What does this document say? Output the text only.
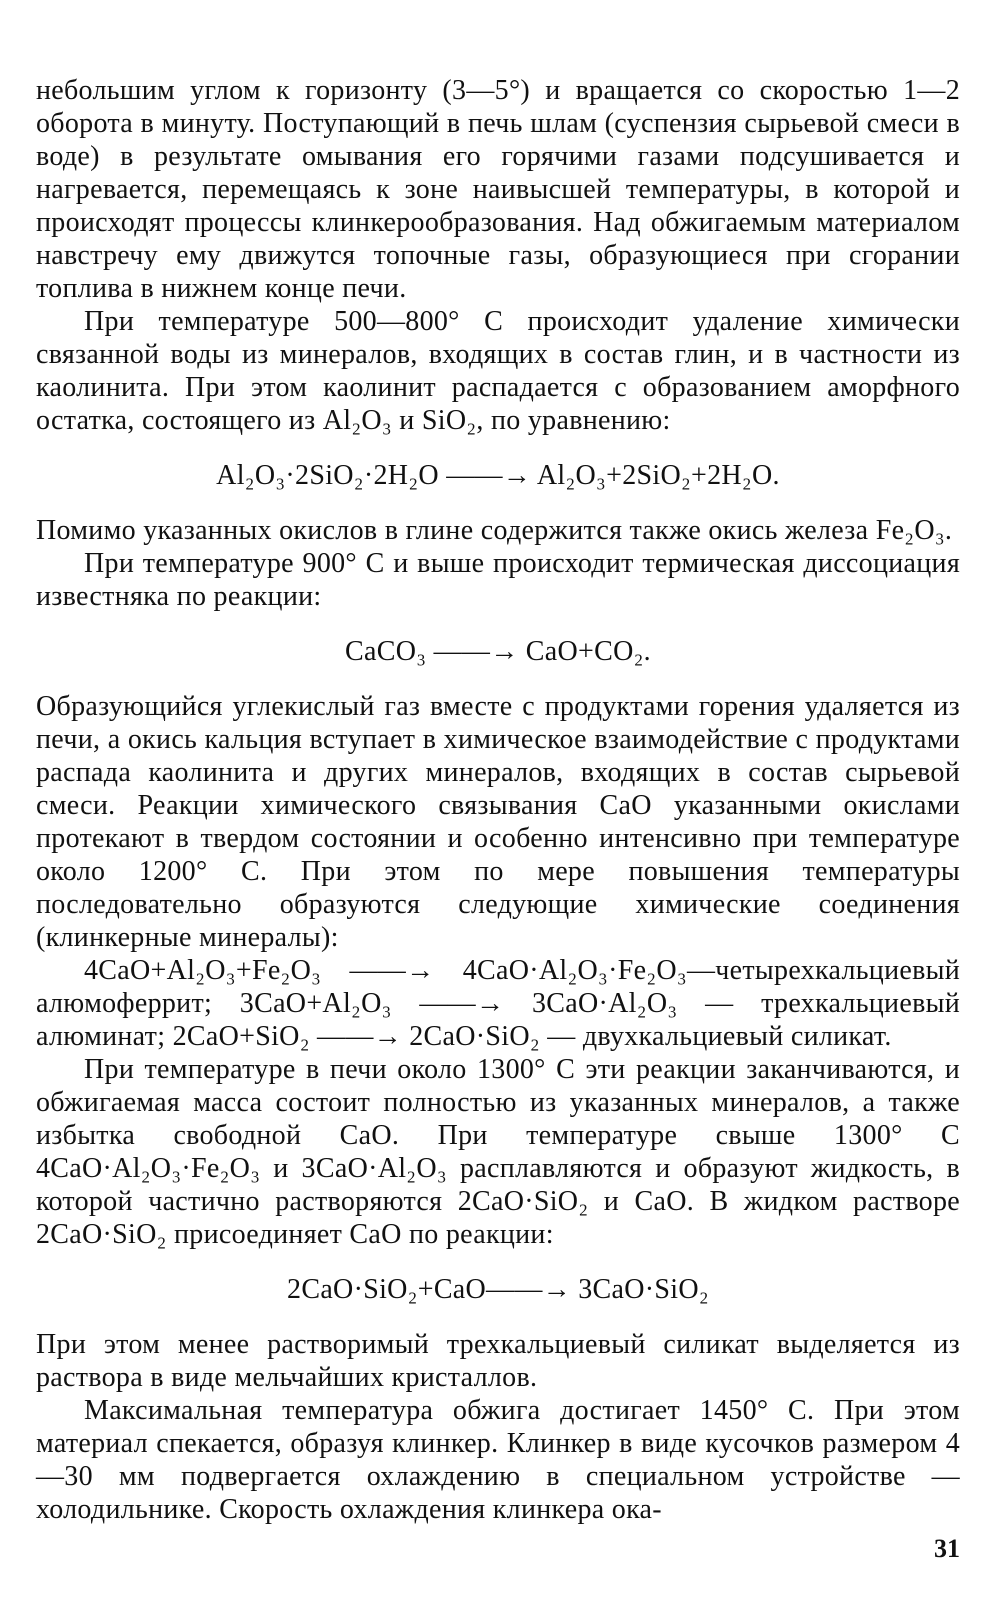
небольшим углом к горизонту (3—5°) и вращается со скоростью 1—2 оборота в минуту. Поступающий в печь шлам (суспензия сырьевой смеси в воде) в результате омывания его горячими газами подсушивается и нагревается, перемещаясь к зоне наивысшей температуры, в которой и происходят процессы клинкерообразования. Над обжигаемым материалом навстречу ему движутся топочные газы, образующиеся при сгорании топлива в нижнем конце печи.

При температуре 500—800° С происходит удаление химически связанной воды из минералов, входящих в состав глин, и в частности из каолинита. При этом каолинит распадается с образованием аморфного остатка, состоящего из Al₂O₃ и SiO₂, по уравнению:

Al₂O₃·2SiO₂·2H₂O ——→ Al₂O₃+2SiO₂+2H₂O.

Помимо указанных окислов в глине содержится также окись железа Fe₂O₃.

При температуре 900° С и выше происходит термическая диссоциация известняка по реакции:

CaCO₃ ——→ CaO+CO₂.

Образующийся углекислый газ вместе с продуктами горения удаляется из печи, а окись кальция вступает в химическое взаимодействие с продуктами распада каолинита и других минералов, входящих в состав сырьевой смеси. Реакции химического связывания CaO указанными окислами протекают в твердом состоянии и особенно интенсивно при температуре около 1200° С. При этом по мере повышения температуры последовательно образуются следующие химические соединения (клинкерные минералы):

4CaO+Al₂O₃+Fe₂O₃ ——→ 4CaO·Al₂O₃·Fe₂O₃—четырехкальциевый алюмоферрит; 3CaO+Al₂O₃ ——→ 3CaO·Al₂O₃ — трехкальциевый алюминат; 2CaO+SiO₂ ——→ 2CaO·SiO₂ — двухкальциевый силикат.

При температуре в печи около 1300° С эти реакции заканчиваются, и обжигаемая масса состоит полностью из указанных минералов, а также избытка свободной CaO. При температуре свыше 1300° С 4CaO·Al₂O₃·Fe₂O₃ и 3CaO·Al₂O₃ расплавляются и образуют жидкость, в которой частично растворяются 2CaO·SiO₂ и CaO. В жидком растворе 2CaO·SiO₂ присоединяет CaO по реакции:

2CaO·SiO₂+CaO——→ 3CaO·SiO₂

При этом менее растворимый трехкальциевый силикат выделяется из раствора в виде мельчайших кристаллов.

Максимальная температура обжига достигает 1450° С. При этом материал спекается, образуя клинкер. Клинкер в виде кусочков размером 4—30 мм подвергается охлаждению в специальном устройстве — холодильнике. Скорость охлаждения клинкера ока-

31
